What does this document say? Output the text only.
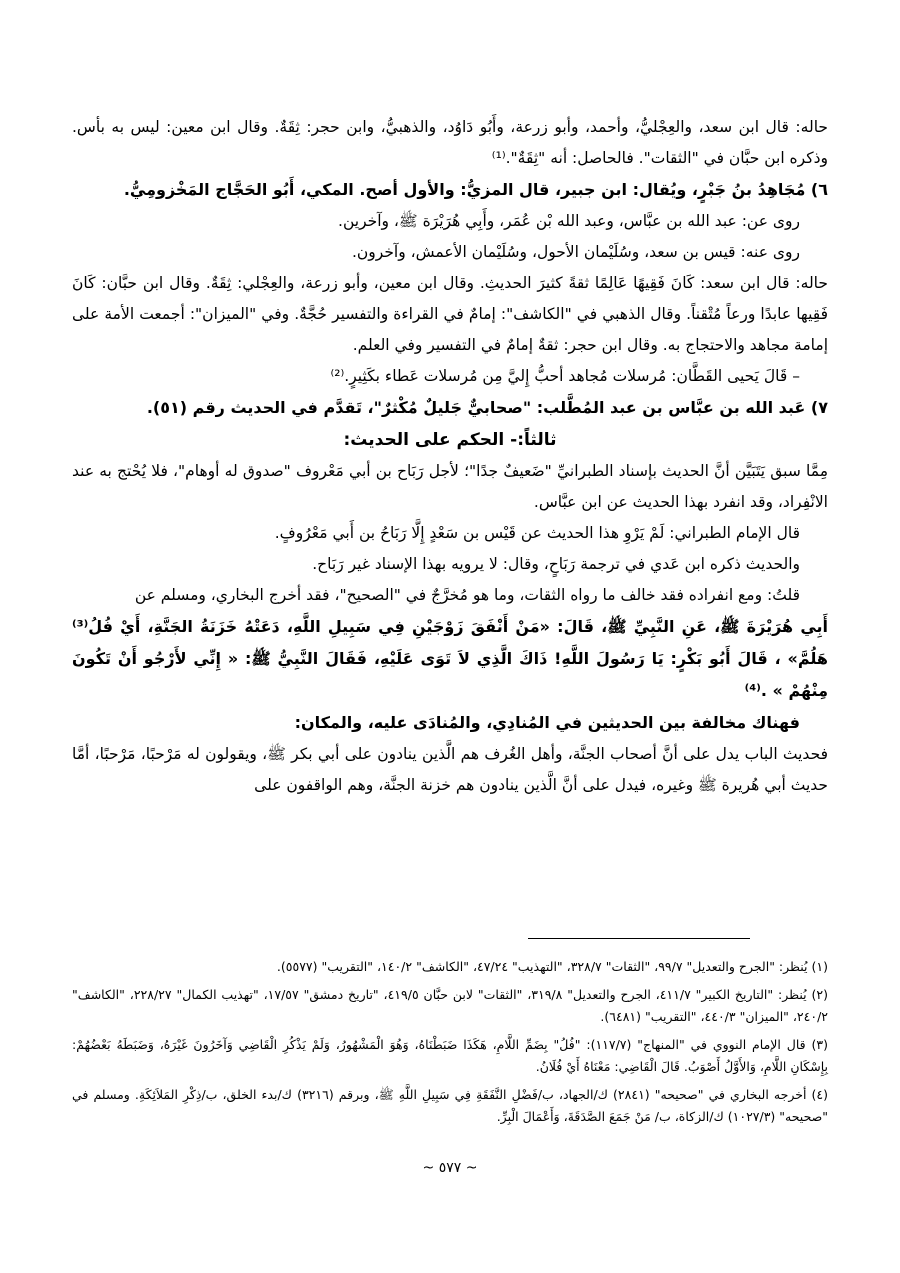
حاله: قال ابن سعد، والعِجْليُّ، وأحمد، وأبو زرعة، وأَبُو دَاوُد، والذهبيُّ، وابن حجر: ثِقَةٌ. وقال ابن معين: ليس به بأس. وذكره ابن حبَّان في "الثقات". فالحاصل: أنه "ثِقَةٌ".⁽¹⁾

٦) مُجَاهِدُ بنُ جَبْرٍ، ويُقال: ابن جبير، قال المزيُّ: والأول أصح. المكي، أَبُو الحَجَّاج المَخْزومِيُّ.

روى عن: عبد الله بن عبَّاس، وعبد الله بْن عُمَر، وأَبِي هُرَيْرَة ﷺ، وآخرين.

روى عنه: قيس بن سعد، وسُلَيْمان الأحول، وسُلَيْمان الأعمش، وآخرون.

حاله: قال ابن سعد: كَانَ فَقِيهًا عَالِمًا ثقةً كثيرَ الحديثِ. وقال ابن معين، وأبو زرعة، والعِجْلي: ثِقَةٌ. وقال ابن حبَّان: كَانَ فَقِيها عابدًا ورعاً مُتْقناً. وقال الذهبي في "الكاشف": إمامٌ في القراءة والتفسير حُجَّةٌ. وفي "الميزان": أجمعت الأمة على إمامة مجاهد والاحتجاج به. وقال ابن حجر: ثقةٌ إمامٌ في التفسير وفي العلم.

– قَالَ يَحيى القَطَّان: مُرسلات مُجاهد أحبُّ إِليَّ مِن مُرسلات عَطاء بكَثِيرٍ.⁽²⁾

٧) عَبد الله بن عبَّاس بن عبد المُطَّلب: "صحابيٌّ جَليلٌ مُكْثرٌ"، تَقدَّم في الحديث رقم (٥١).

ثالثاً:- الحكم على الحديث:

مِمَّا سبق يَتَبَيَّن أنَّ الحديث بإسناد الطبرانيِّ "ضَعيفٌ جدًا"؛ لأجل رَبَاح بن أبي مَعْروف "صدوق له أوهام"، فلا يُحْتج به عند الانْفِراد، وقد انفرد بهذا الحديث عن ابن عبَّاس.

قال الإمام الطبراني: لَمْ يَرْوِ هذا الحديث عن قَيْس بن سَعْدٍ إِلَّا رَبَاحُ بن أَبي مَعْرُوفٍ.

والحديث ذكره ابن عَدي في ترجمة رَبَاحٍ، وقال: لا يرويه بهذا الإسناد غير رَبَاح.

قلتُ: ومع انفراده فقد خالف ما رواه الثقات، وما هو مُخرَّجٌ في "الصحيح"، فقد أخرج البخاري، ومسلم عن

أَبِي هُرَيْرَةَ ﷺ، عَنِ النَّبِيِّ ﷺ، قَالَ: «مَنْ أَنْفَقَ زَوْجَيْنِ فِي سَبِيلِ اللَّهِ، دَعَتْهُ خَزَنَةُ الجَنَّةِ، أَيْ فُلُ⁽³⁾ هَلُمَّ» ، قَالَ أَبُو بَكْرٍ: يَا رَسُولَ اللَّهِ! ذَاكَ الَّذِي لاَ تَوَى عَلَيْهِ، فَقَالَ النَّبِيُّ ﷺ: « إِنِّي لأَرْجُو أَنْ تَكُونَ مِنْهُمْ » .⁽⁴⁾

فهناك مخالفة بين الحديثين في المُنادِي، والمُنادَى عليه، والمكان:

فحديث الباب يدل على أنَّ أصحاب الجنَّة، وأهل الغُرف هم الَّذين ينادون على أبي بكر ﷺ، ويقولون له مَرْحبًا، مَرْحبًا، أمَّا حديث أبي هُريرة ﷺ وغيره، فيدل على أنَّ الَّذين ينادون هم خزنة الجنَّة، وهم الواقفون على

(١) يُنظر: "الجرح والتعديل" ٩٩/٧، "الثقات" ٣٢٨/٧، "التهذيب" ٤٧/٢٤، "الكاشف" ١٤٠/٢، "التقريب" (٥٥٧٧).

(٢) يُنظر: "التاريخ الكبير" ٤١١/٧، الجرح والتعديل" ٣١٩/٨، "الثقات" لابن حبَّان ٤١٩/٥، "تاريخ دمشق" ١٧/٥٧، "تهذيب الكمال" ٢٢٨/٢٧، "الكاشف" ٢٤٠/٢، "الميزان" ٤٤٠/٣، "التقريب" (٦٤٨١).

(٣) قال الإمام النووي في "المنهاج" (١١٧/٧): "فُلُ" بِضَمِّ اللَّامِ، هَكَذَا ضَبَطْنَاهُ، وَهُوَ الْمَشْهُورُ، وَلَمْ يَذْكُرِ الْقَاضِي وَآخَرُونَ غَيْرَهُ، وَضَبَطَهُ بَعْضُهُمْ: بِإِسْكَانِ اللَّامِ، وَالأَوَّلُ أَصْوَبُ. قَالَ الْقَاضِي: مَعْنَاهُ أَيْ فُلَانُ.

(٤) أخرجه البخاري في "صحيحه" (٢٨٤١) ك/الجهاد، ب/فَضْلِ النَّفَقَةِ فِي سَبِيلِ اللَّهِ ﷺ، وبرقم (٣٢١٦) ك/بدء الخلق، ب/ذِكْرِ المَلاَئِكَةِ. ومسلم في "صحيحه" (١٠٢٧/٣) ك/الزكاة، ب/ مَنْ جَمَعَ الصَّدَقَةَ، وَأَعْمَالَ الْبِرِّ.

~ ٥٧٧ ~
